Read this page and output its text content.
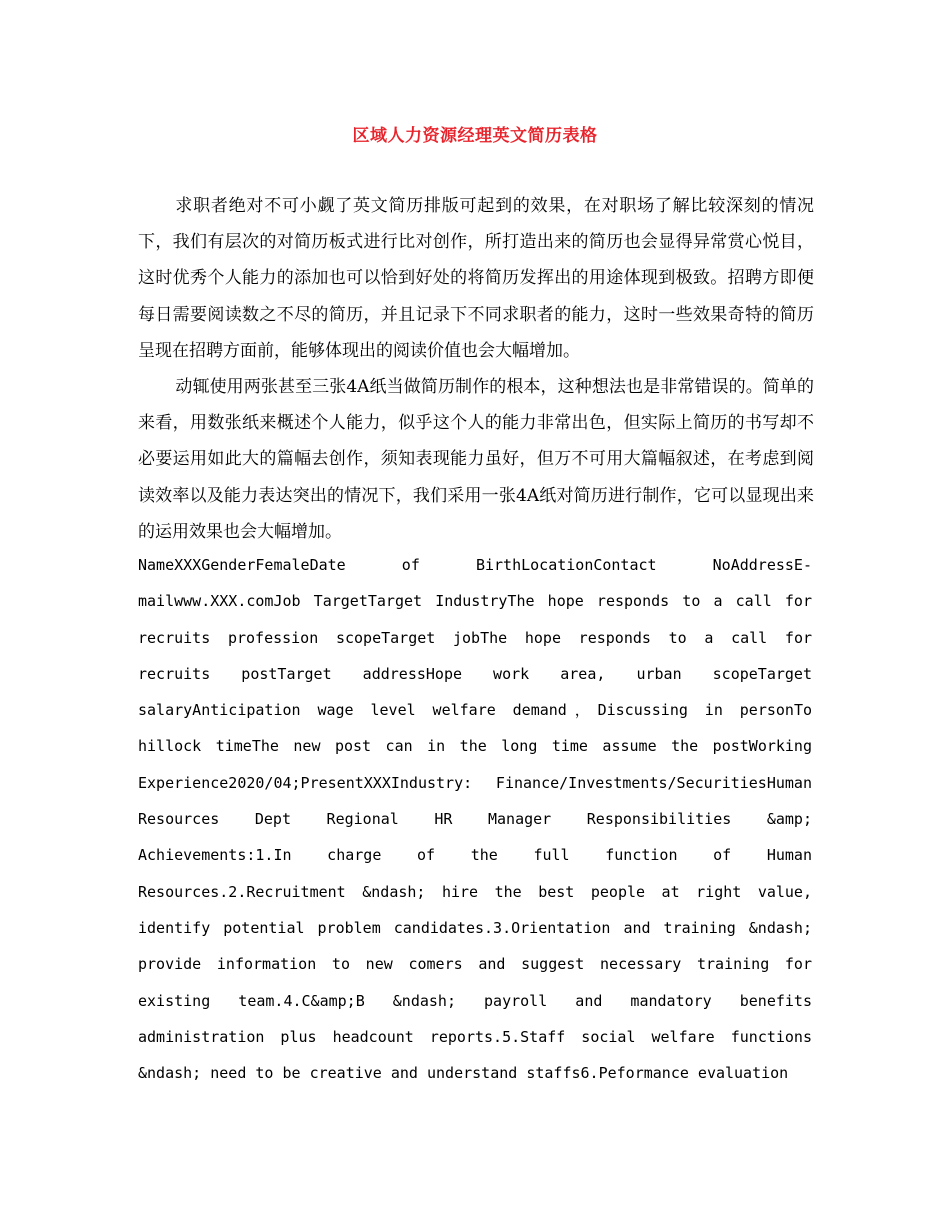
区域人力资源经理英文简历表格
求职者绝对不可小觑了英文简历排版可起到的效果，在对职场了解比较深刻的情况下，我们有层次的对简历板式进行比对创作，所打造出来的简历也会显得异常赏心悦目，这时优秀个人能力的添加也可以恰到好处的将简历发挥出的用途体现到极致。招聘方即便每日需要阅读数之不尽的简历，并且记录下不同求职者的能力，这时一些效果奇特的简历呈现在招聘方面前，能够体现出的阅读价值也会大幅增加。
动辄使用两张甚至三张4A纸当做简历制作的根本，这种想法也是非常错误的。简单的来看，用数张纸来概述个人能力，似乎这个人的能力非常出色，但实际上简历的书写却不必要运用如此大的篇幅去创作，须知表现能力虽好，但万不可用大篇幅叙述，在考虑到阅读效率以及能力表达突出的情况下，我们采用一张4A纸对简历进行制作，它可以显现出来的运用效果也会大幅增加。
NameXXXGenderFemaleDate of BirthLocationContact NoAddressE-mailwww.XXX.comJob TargetTarget IndustryThe hope responds to a call for recruits profession scopeTarget jobThe hope responds to a call for recruits postTarget addressHope work area, urban scopeTarget salaryAnticipation wage level welfare demand，Discussing in personTo hillock timeThe new post can in the long time assume the postWorking Experience2020/04;PresentXXXIndustry: Finance/Investments/SecuritiesHuman Resources Dept Regional HR Manager Responsibilities &amp; Achievements:1.In charge of the full function of Human Resources.2.Recruitment &ndash; hire the best people at right value, identify potential problem candidates.3.Orientation and training &ndash; provide information to new comers and suggest necessary training for existing team.4.C&amp;B &ndash; payroll and mandatory benefits administration plus headcount reports.5.Staff social welfare functions &ndash; need to be creative and understand staffs6.Peformance evaluation
